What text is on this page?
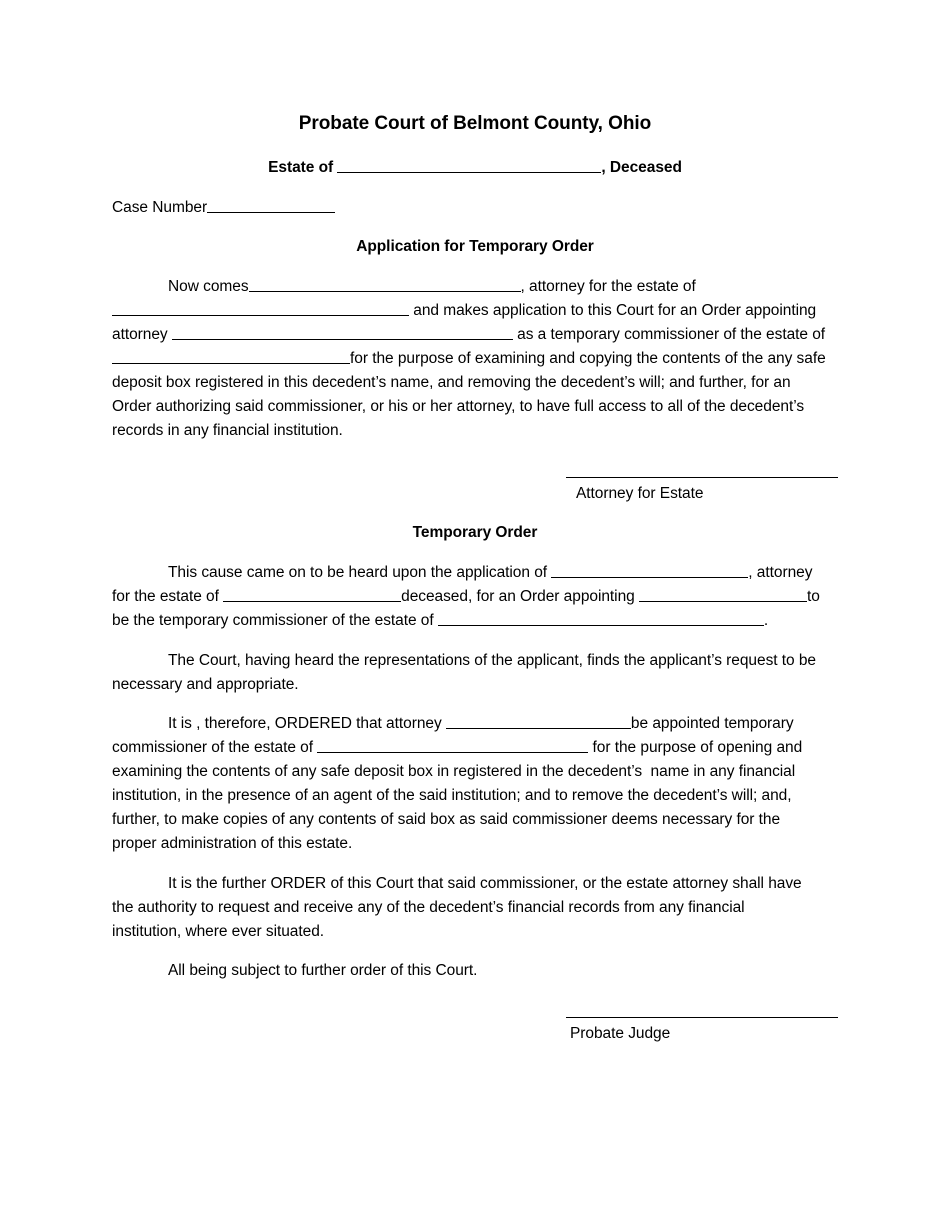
Probate Court of Belmont County, Ohio
Estate of	, Deceased
Case Number
Application for Temporary Order
Now comes	, attorney for the estate of
and makes application to this Court for an Order appointing
attorney	as a temporary commissioner of the estate of
for the purpose of examining and copying the contents of the any safe
deposit box registered in this decedent’s name, and removing the decedent’s will; and further, for an
Order authorizing said commissioner, or his or her attorney, to have full access to all of the decedent’s
records in any financial institution.
Attorney for Estate
Temporary Order
This cause came on to be heard upon the application of	, attorney
for the estate of	deceased, for an Order appointing	to
be the temporary commissioner of the estate of	.
The Court, having heard the representations of the applicant, finds the applicant’s request to be
necessary and appropriate.
It is , therefore, ORDERED that attorney	be appointed temporary
commissioner of the estate of	for the purpose of opening and
examining the contents of any safe deposit box in registered in the decedent’s  name in any financial
institution, in the presence of an agent of the said institution; and to remove the decedent’s will; and,
further, to make copies of any contents of said box as said commissioner deems necessary for the
proper administration of this estate.
It is the further ORDER of this Court that said commissioner, or the estate attorney shall have
the authority to request and receive any of the decedent’s financial records from any financial
institution, where ever situated.
All being subject to further order of this Court.
Probate Judge
